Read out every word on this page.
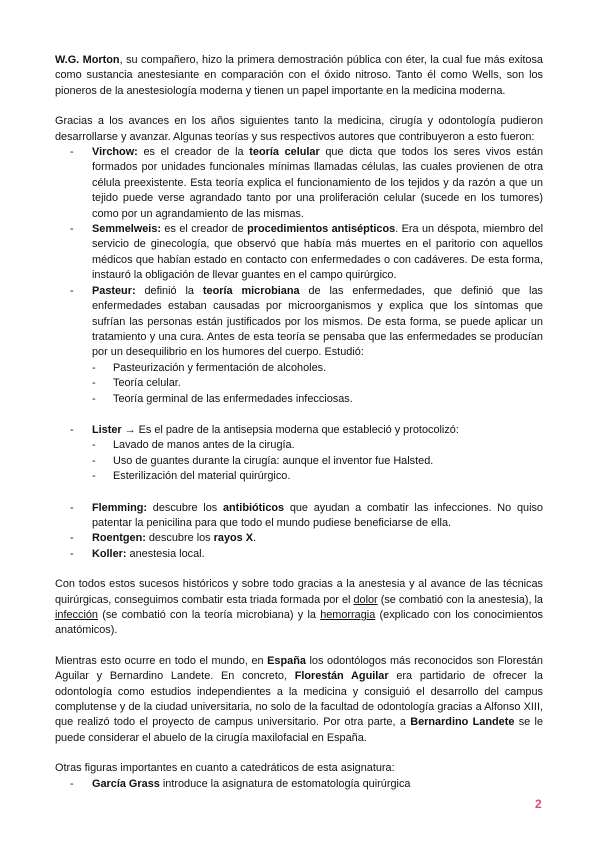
W.G. Morton, su compañero, hizo la primera demostración pública con éter, la cual fue más exitosa como sustancia anestesiante en comparación con el óxido nitroso. Tanto él como Wells, son los pioneros de la anestesiología moderna y tienen un papel importante en la medicina moderna.

Gracias a los avances en los años siguientes tanto la medicina, cirugía y odontología pudieron desarrollarse y avanzar. Algunas teorías y sus respectivos autores que contribuyeron a esto fueron:

- Virchow: es el creador de la teoría celular que dicta que todos los seres vivos están formados por unidades funcionales mínimas llamadas células, las cuales provienen de otra célula preexistente. Esta teoría explica el funcionamiento de los tejidos y da razón a que un tejido puede verse agrandado tanto por una proliferación celular (sucede en los tumores) como por un agrandamiento de las mismas.
- Semmelweis: es el creador de procedimientos antisépticos. Era un déspota, miembro del servicio de ginecología, que observó que había más muertes en el paritorio con aquellos médicos que habían estado en contacto con enfermedades o con cadáveres. De esta forma, instauró la obligación de llevar guantes en el campo quirúrgico.
- Pasteur: definió la teoría microbiana de las enfermedades, que definió que las enfermedades estaban causadas por microorganismos y explica que los síntomas que sufrían las personas están justificados por los mismos. De esta forma, se puede aplicar un tratamiento y una cura. Antes de esta teoría se pensaba que las enfermedades se producían por un desequilibrio en los humores del cuerpo. Estudió:
- Pasteurización y fermentación de alcoholes.
- Teoría celular.
- Teoría germinal de las enfermedades infecciosas.
- Lister → Es el padre de la antisepsia moderna que estableció y protocolizó:
- Lavado de manos antes de la cirugía.
- Uso de guantes durante la cirugía: aunque el inventor fue Halsted.
- Esterilización del material quirúrgico.
- Flemming: descubre los antibióticos que ayudan a combatir las infecciones. No quiso patentar la penicilina para que todo el mundo pudiese beneficiarse de ella.
- Roentgen: descubre los rayos X.
- Koller: anestesia local.

Con todos estos sucesos históricos y sobre todo gracias a la anestesia y al avance de las técnicas quirúrgicas, conseguimos combatir esta triada formada por el dolor (se combatió con la anestesia), la infección (se combatió con la teoría microbiana) y la hemorragia (explicado con los conocimientos anatómicos).

Mientras esto ocurre en todo el mundo, en España los odontólogos más reconocidos son Florestán Aguilar y Bernardino Landete. En concreto, Florestán Aguilar era partidario de ofrecer la odontología como estudios independientes a la medicina y consiguió el desarrollo del campus complutense y de la ciudad universitaria, no solo de la facultad de odontología gracias a Alfonso XIII, que realizó todo el proyecto de campus universitario. Por otra parte, a Bernardino Landete se le puede considerar el abuelo de la cirugía maxilofacial en España.

Otras figuras importantes en cuanto a catedráticos de esta asignatura:

- García Grass introduce la asignatura de estomatología quirúrgica
2
